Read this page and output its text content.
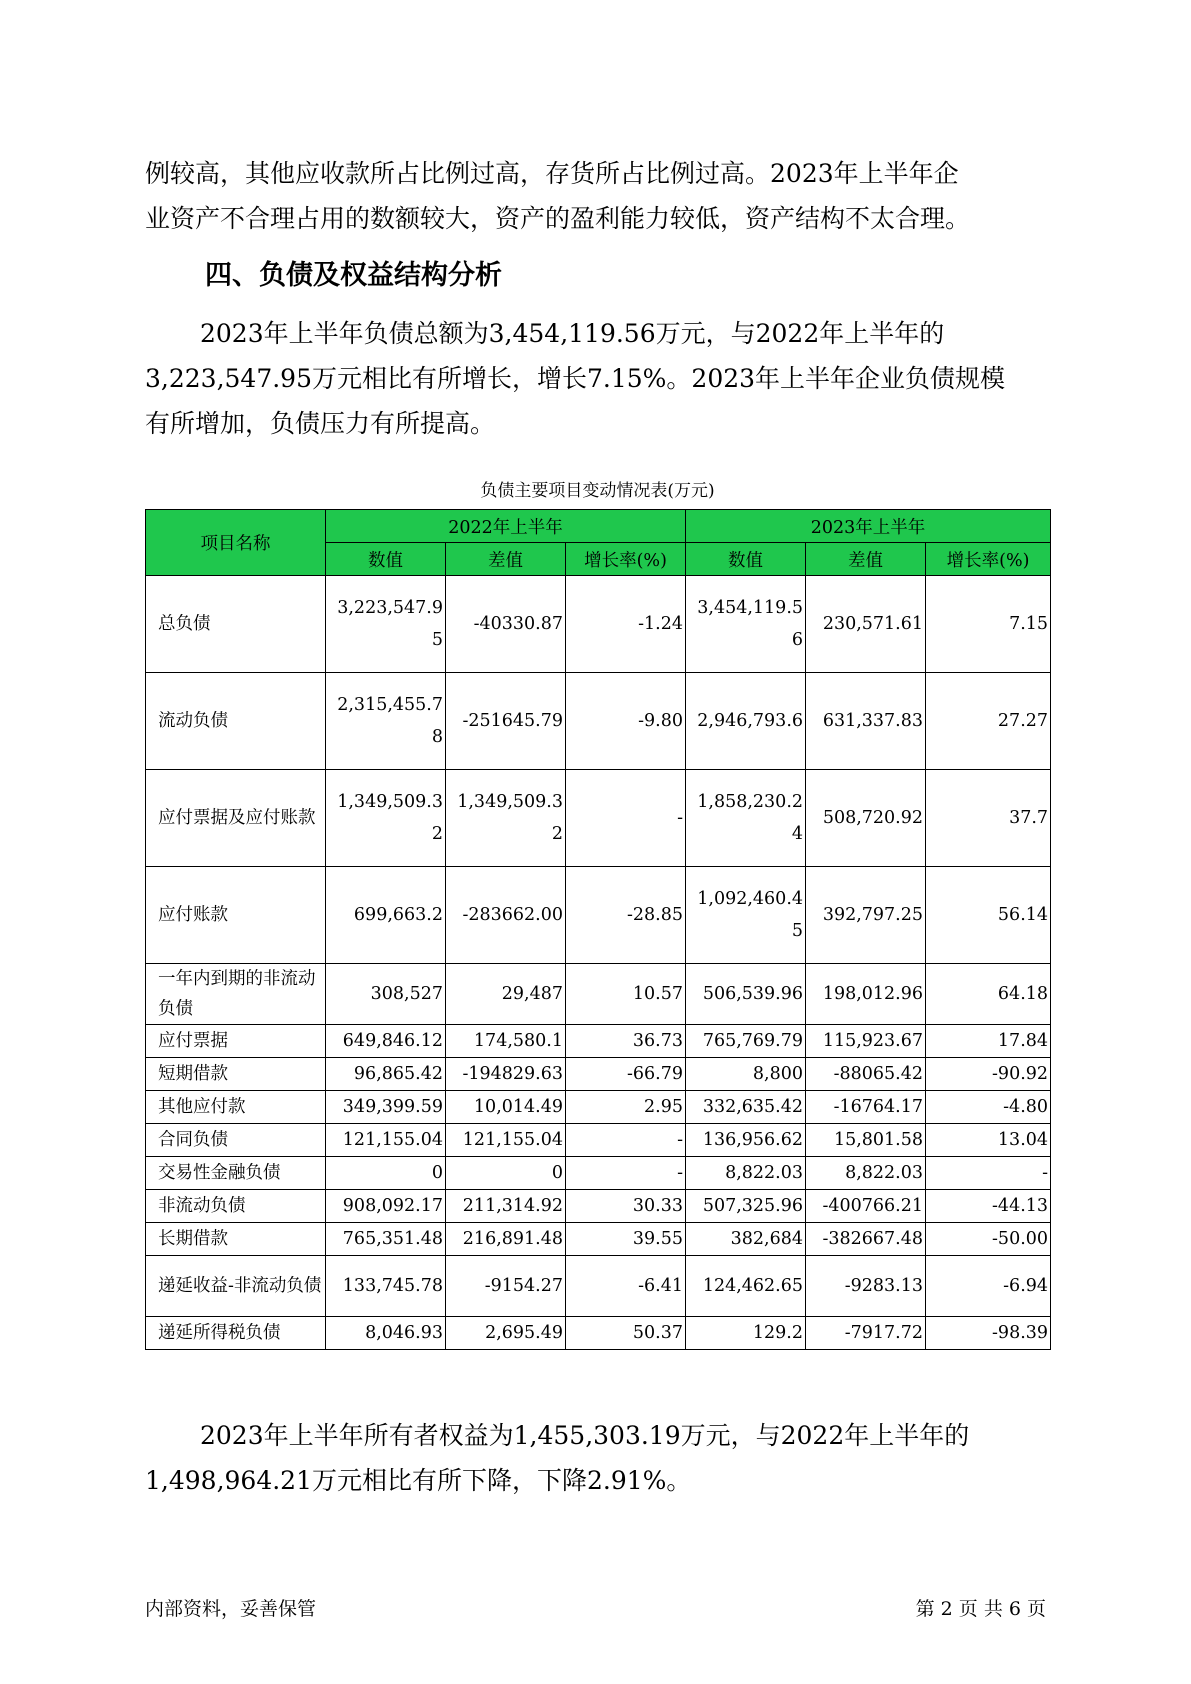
例较高，其他应收款所占比例过高，存货所占比例过高。2023年上半年企
业资产不合理占用的数额较大，资产的盈利能力较低，资产结构不太合理。
四、负债及权益结构分析
2023年上半年负债总额为3,454,119.56万元，与2022年上半年的
3,223,547.95万元相比有所增长，增长7.15%。2023年上半年企业负债规模
有所增加，负债压力有所提高。
负债主要项目变动情况表(万元)
项目名称	2022年上半年			2023年上半年		
	数值	差值	增长率(%)	数值	差值	增长率(%)
总负债	3,223,547.95	-40330.87	-1.24	3,454,119.56	230,571.61	7.15
流动负债	2,315,455.78	-251645.79	-9.80	2,946,793.6	631,337.83	27.27
应付票据及应付账款	1,349,509.32	1,349,509.32	-	1,858,230.24	508,720.92	37.7
应付账款	699,663.2	-283662.00	-28.85	1,092,460.45	392,797.25	56.14
一年内到期的非流动负债	308,527	29,487	10.57	506,539.96	198,012.96	64.18
应付票据	649,846.12	174,580.1	36.73	765,769.79	115,923.67	17.84
短期借款	96,865.42	-194829.63	-66.79	8,800	-88065.42	-90.92
其他应付款	349,399.59	10,014.49	2.95	332,635.42	-16764.17	-4.80
合同负债	121,155.04	121,155.04	-	136,956.62	15,801.58	13.04
交易性金融负债	0	0	-	8,822.03	8,822.03	-
非流动负债	908,092.17	211,314.92	30.33	507,325.96	-400766.21	-44.13
长期借款	765,351.48	216,891.48	39.55	382,684	-382667.48	-50.00
递延收益-非流动负债	133,745.78	-9154.27	-6.41	124,462.65	-9283.13	-6.94
递延所得税负债	8,046.93	2,695.49	50.37	129.2	-7917.72	-98.39
2023年上半年所有者权益为1,455,303.19万元，与2022年上半年的
1,498,964.21万元相比有所下降，下降2.91%。
内部资料，妥善保管	第 2 页 共 6 页
